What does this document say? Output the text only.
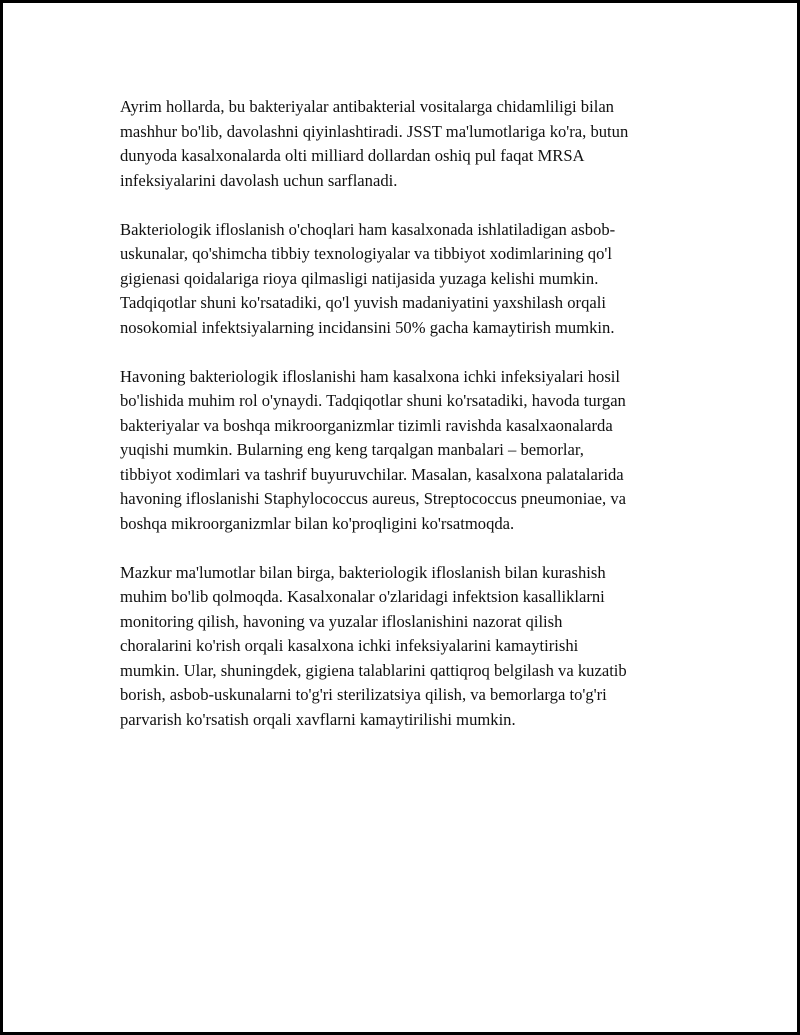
Ayrim hollarda, bu bakteriyalar antibakterial vositalarga chidamliligi bilan
mashhur bo'lib, davolashni qiyinlashtiradi. JSST ma'lumotlariga ko'ra, butun
dunyoda kasalxonalarda olti milliard dollardan oshiq pul faqat MRSA
infeksiyalarini davolash uchun sarflanadi.

Bakteriologik ifloslanish o'choqlari ham kasalxonada ishlatiladigan asbob-
uskunalar, qo'shimcha tibbiy texnologiyalar va tibbiyot xodimlarining qo'l
gigienasi qoidalariga rioya qilmasligi natijasida yuzaga kelishi mumkin.
Tadqiqotlar shuni ko'rsatadiki, qo'l yuvish madaniyatini yaxshilash orqali
nosokomial infektsiyalarning incidansini 50% gacha kamaytirish mumkin.

Havoning bakteriologik ifloslanishi ham kasalxona ichki infeksiyalari hosil
bo'lishida muhim rol o'ynaydi. Tadqiqotlar shuni ko'rsatadiki, havoda turgan
bakteriyalar va boshqa mikroorganizmlar tizimli ravishda kasalxaonalarda
yuqishi mumkin. Bularning eng keng tarqalgan manbalari – bemorlar,
tibbiyot xodimlari va tashrif buyuruvchilar. Masalan, kasalxona palatalarida
havoning ifloslanishi Staphylococcus aureus, Streptococcus pneumoniae, va
boshqa mikroorganizmlar bilan ko'proqligini ko'rsatmoqda.

Mazkur ma'lumotlar bilan birga, bakteriologik ifloslanish bilan kurashish
muhim bo'lib qolmoqda. Kasalxonalar o'zlaridagi infektsion kasalliklarni
monitoring qilish, havoning va yuzalar ifloslanishini nazorat qilish
choralarini ko'rish orqali kasalxona ichki infeksiyalarini kamaytirishi
mumkin. Ular, shuningdek, gigiena talablarini qattiqroq belgilash va kuzatib
borish, asbob-uskunalarni to'g'ri sterilizatsiya qilish, va bemorlarga to'g'ri
parvarish ko'rsatish orqali xavflarni kamaytirilishi mumkin.
